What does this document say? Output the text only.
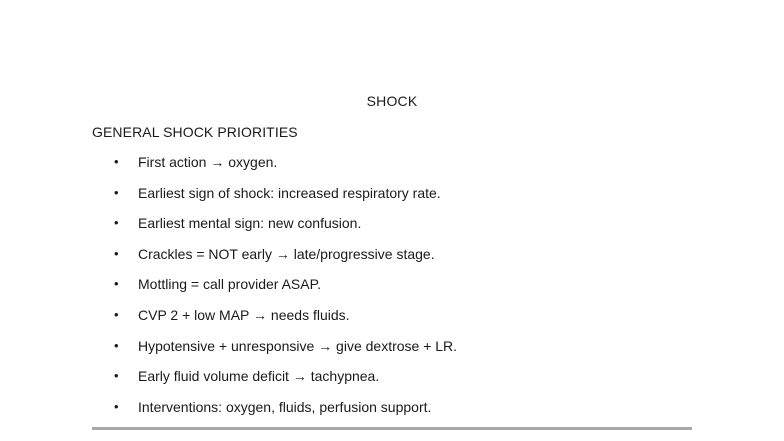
SHOCK
GENERAL SHOCK PRIORITIES
• First action → oxygen.
• Earliest sign of shock: increased respiratory rate.
• Earliest mental sign: new confusion.
• Crackles = NOT early → late/progressive stage.
• Mottling = call provider ASAP.
• CVP 2 + low MAP → needs fluids.
• Hypotensive + unresponsive → give dextrose + LR.
• Early fluid volume deficit → tachypnea.
• Interventions: oxygen, fluids, perfusion support.
